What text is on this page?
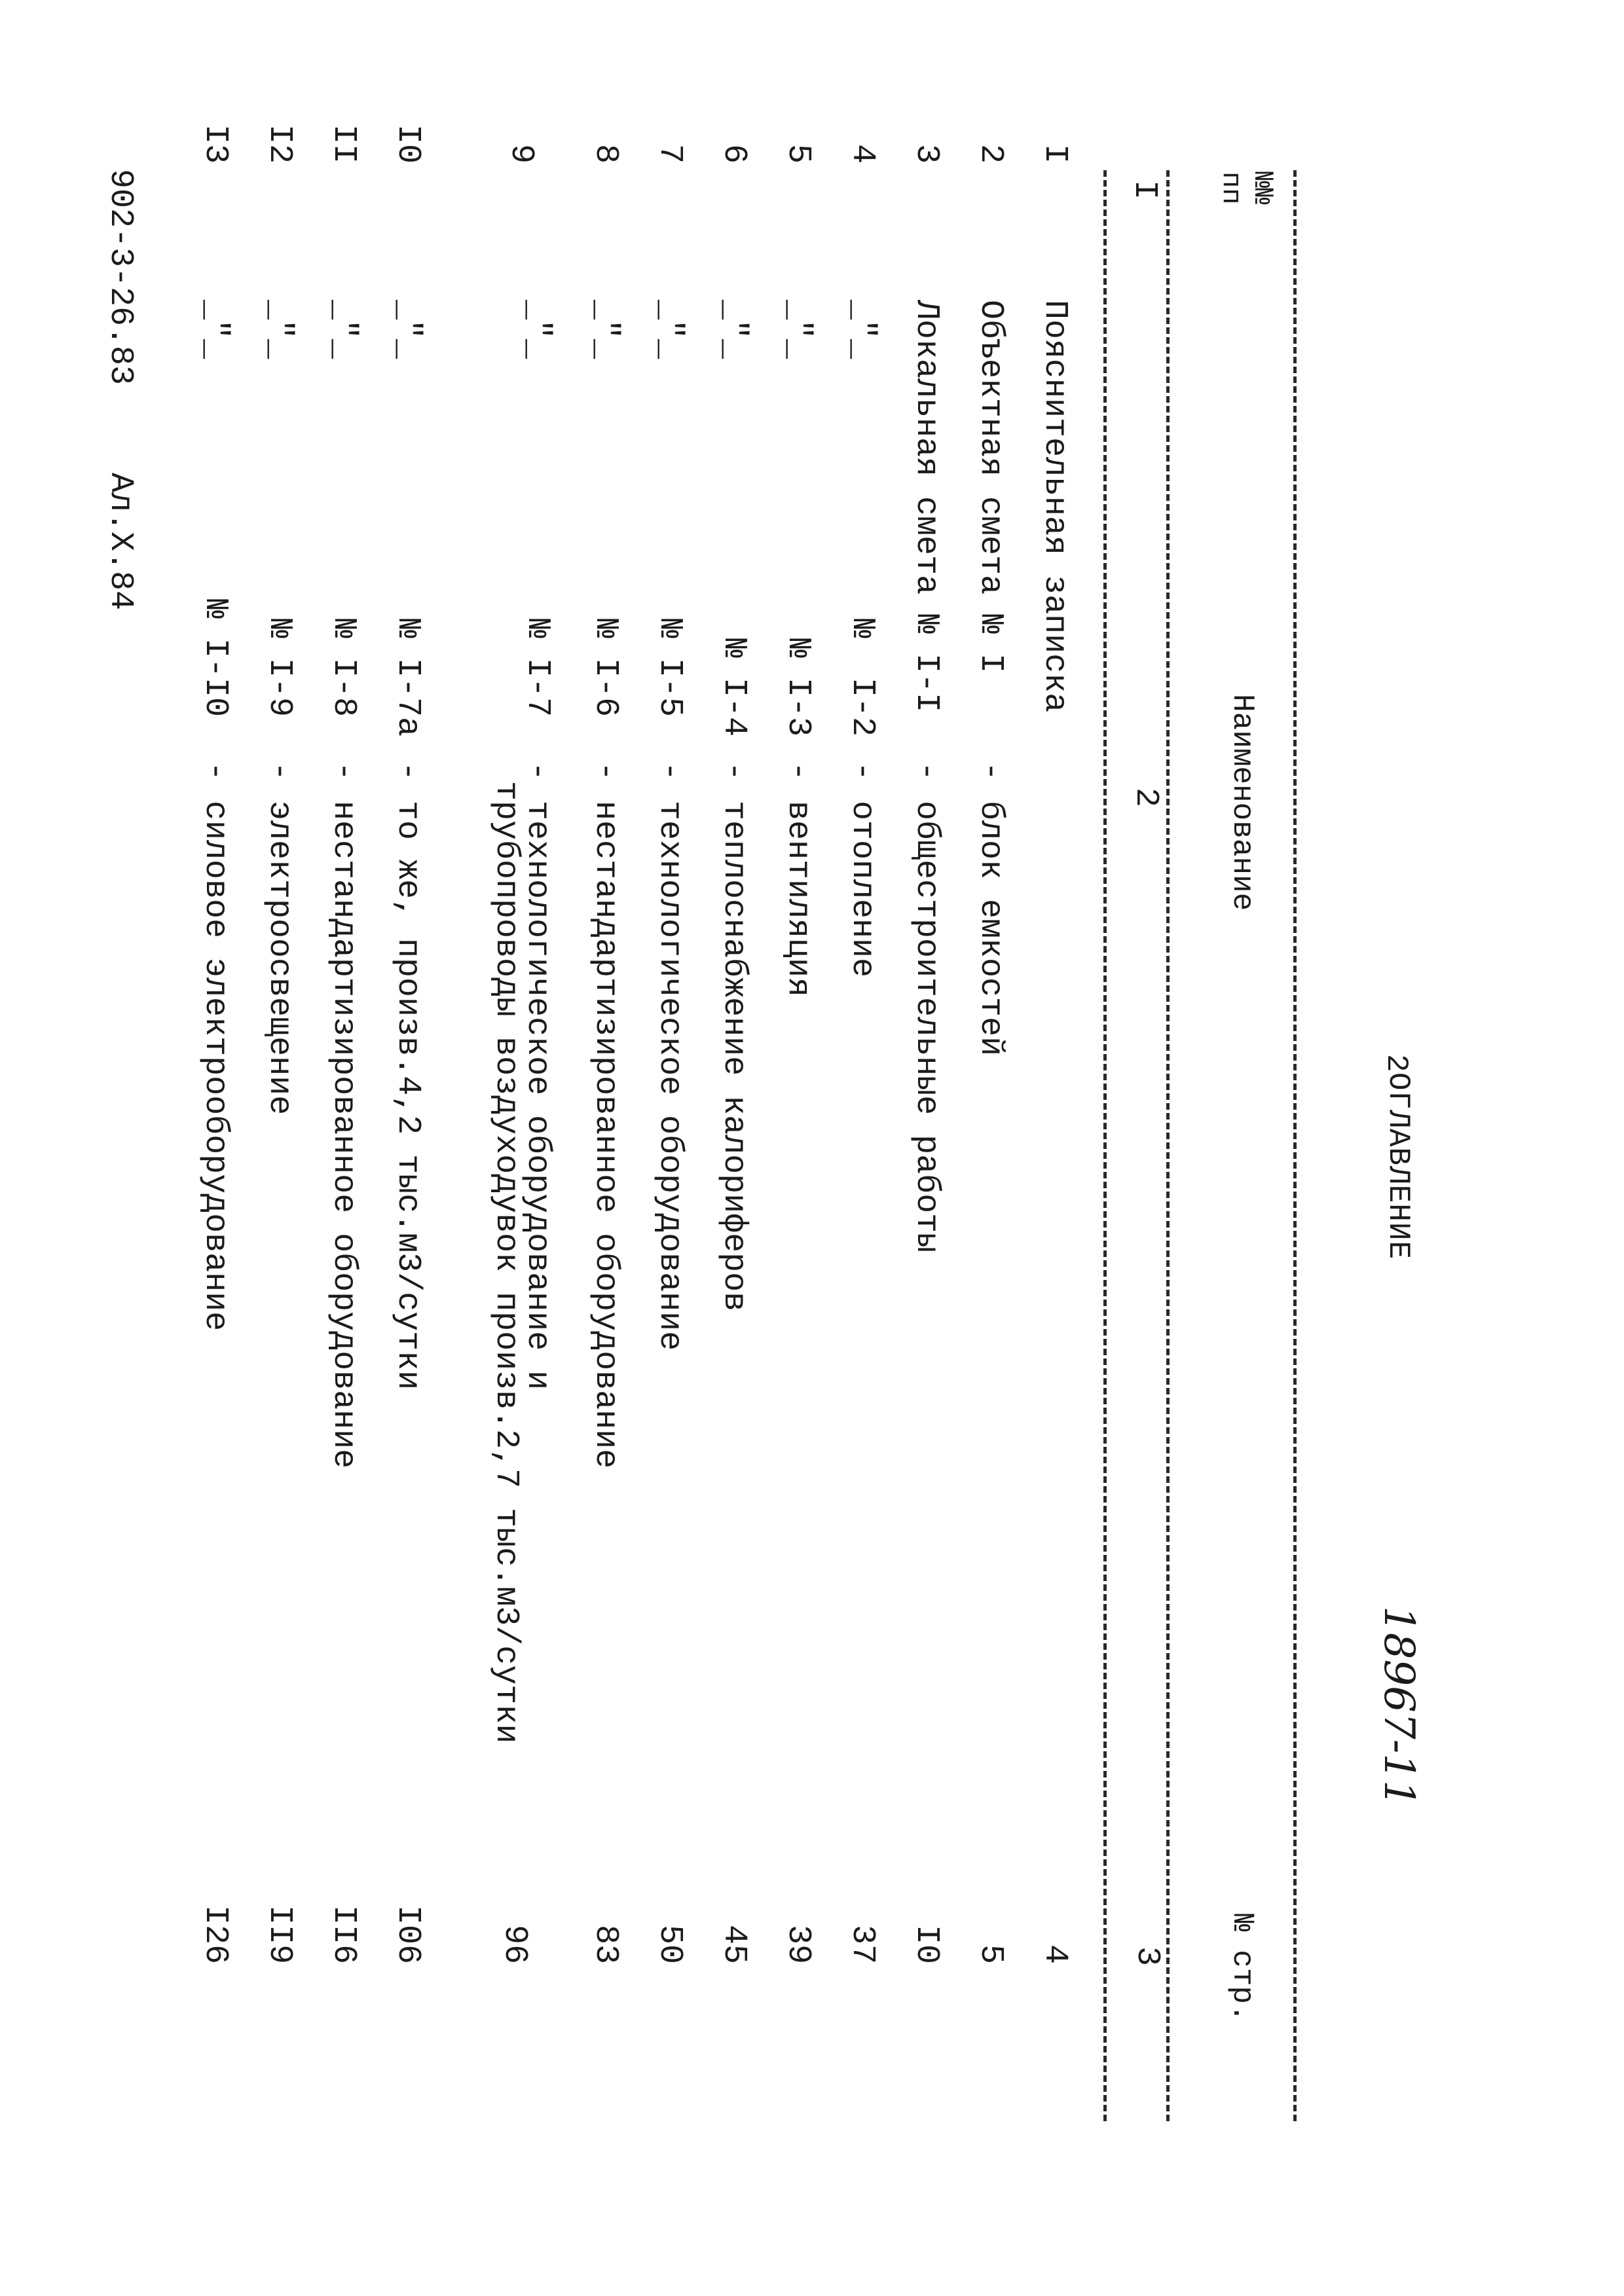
2
ОГЛАВЛЕНИЕ
18967-11
№№
пп
Наименование
№ стр.
I
2
3
I
Пояснительная записка
4
2
Объектная смета № I
- блок емкостей
5
3
Локальная смета № I-I
- общестроительные работы
I0
4
_"_
№  I-2
- отопление
37
5
_"_
№ I-3
- вентиляция
39
6
_"_
№ I-4
- теплоснабжение калориферов
45
7
_"_
№ I-5
- технологическое оборудование
50
8
_"_
№ I-6
- нестандартизированное оборудование
83
9
_"_
№ I-7
- технологическое оборудование и
трубопроводы воздуходувок произв.2,7 тыс.м3/сутки
96
I0
_"_
№ I-7а
- то же, произв.4,2 тыс.м3/сутки
I06
II
_"_
№ I-8
- нестандартизированное оборудование
II6
I2
_"_
№ I-9
- электроосвещение
II9
I3
_"_
№ I-I0
- силовое электрооборудование
I26
902-3-26.83
Ал.Х.84
